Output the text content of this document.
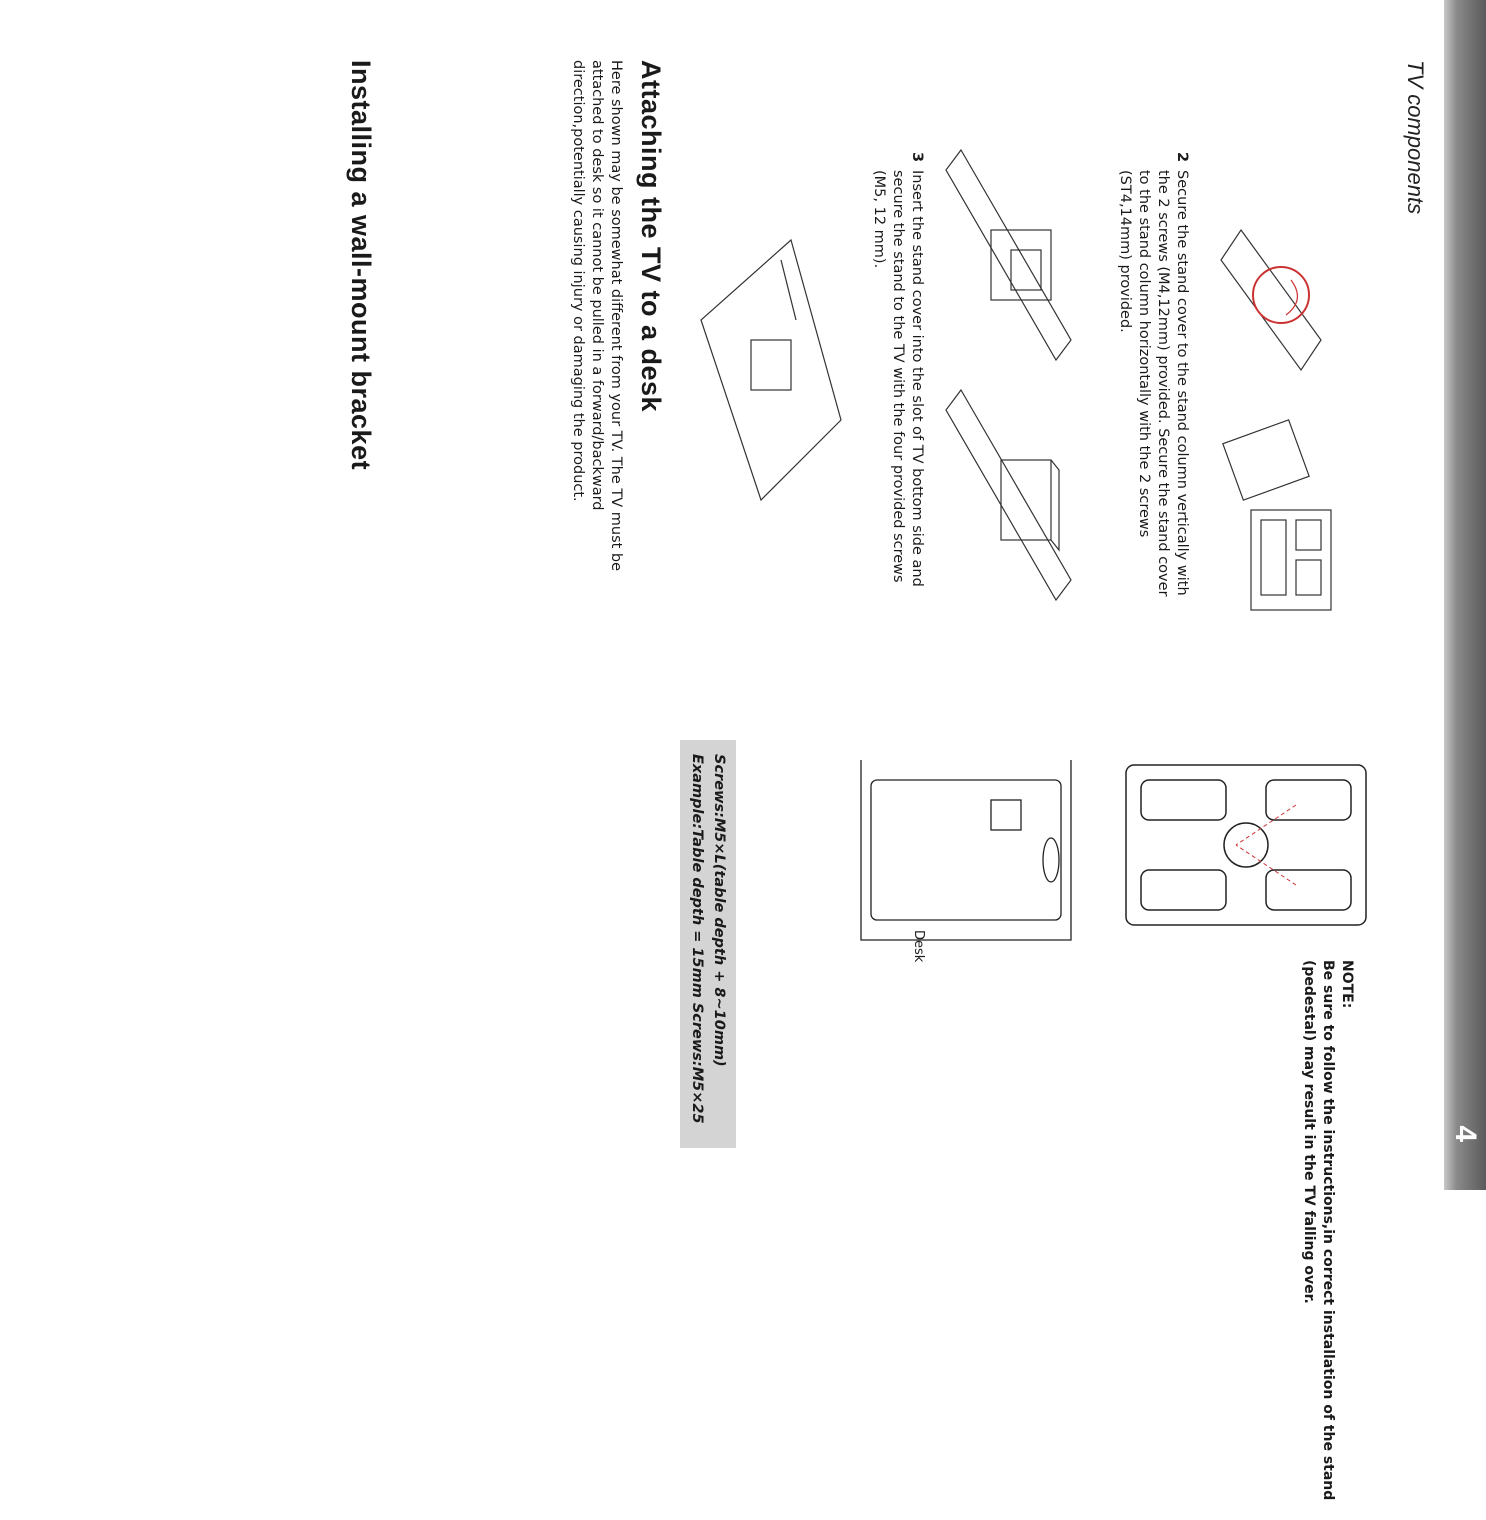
4
TV components
2
Secure the stand cover to the stand column vertically with the 2 screws (M4,12mm) provided. Secure the stand cover to the stand column horizontally with the 2 screws (ST4,14mm) provided.
3
Insert the stand cover into the slot of TV bottom side and secure the stand to the TV with the four provided screws (M5, 12 mm).
Attaching the TV to a desk
Here shown may be somewhat different from your TV. The TV must be attached to desk so it cannot be pulled in a forward/backward direction,potentially causing injury or damaging the product.
Screws:M5×L(table depth + 8~10mm)
Example:Table depth = 15mm Screws:M5×25	Desk
NOTE:
Be sure to follow the instructions,in correct installation of the stand (pedestal) may result in the TV falling over.
Installing a wall-mount bracket
